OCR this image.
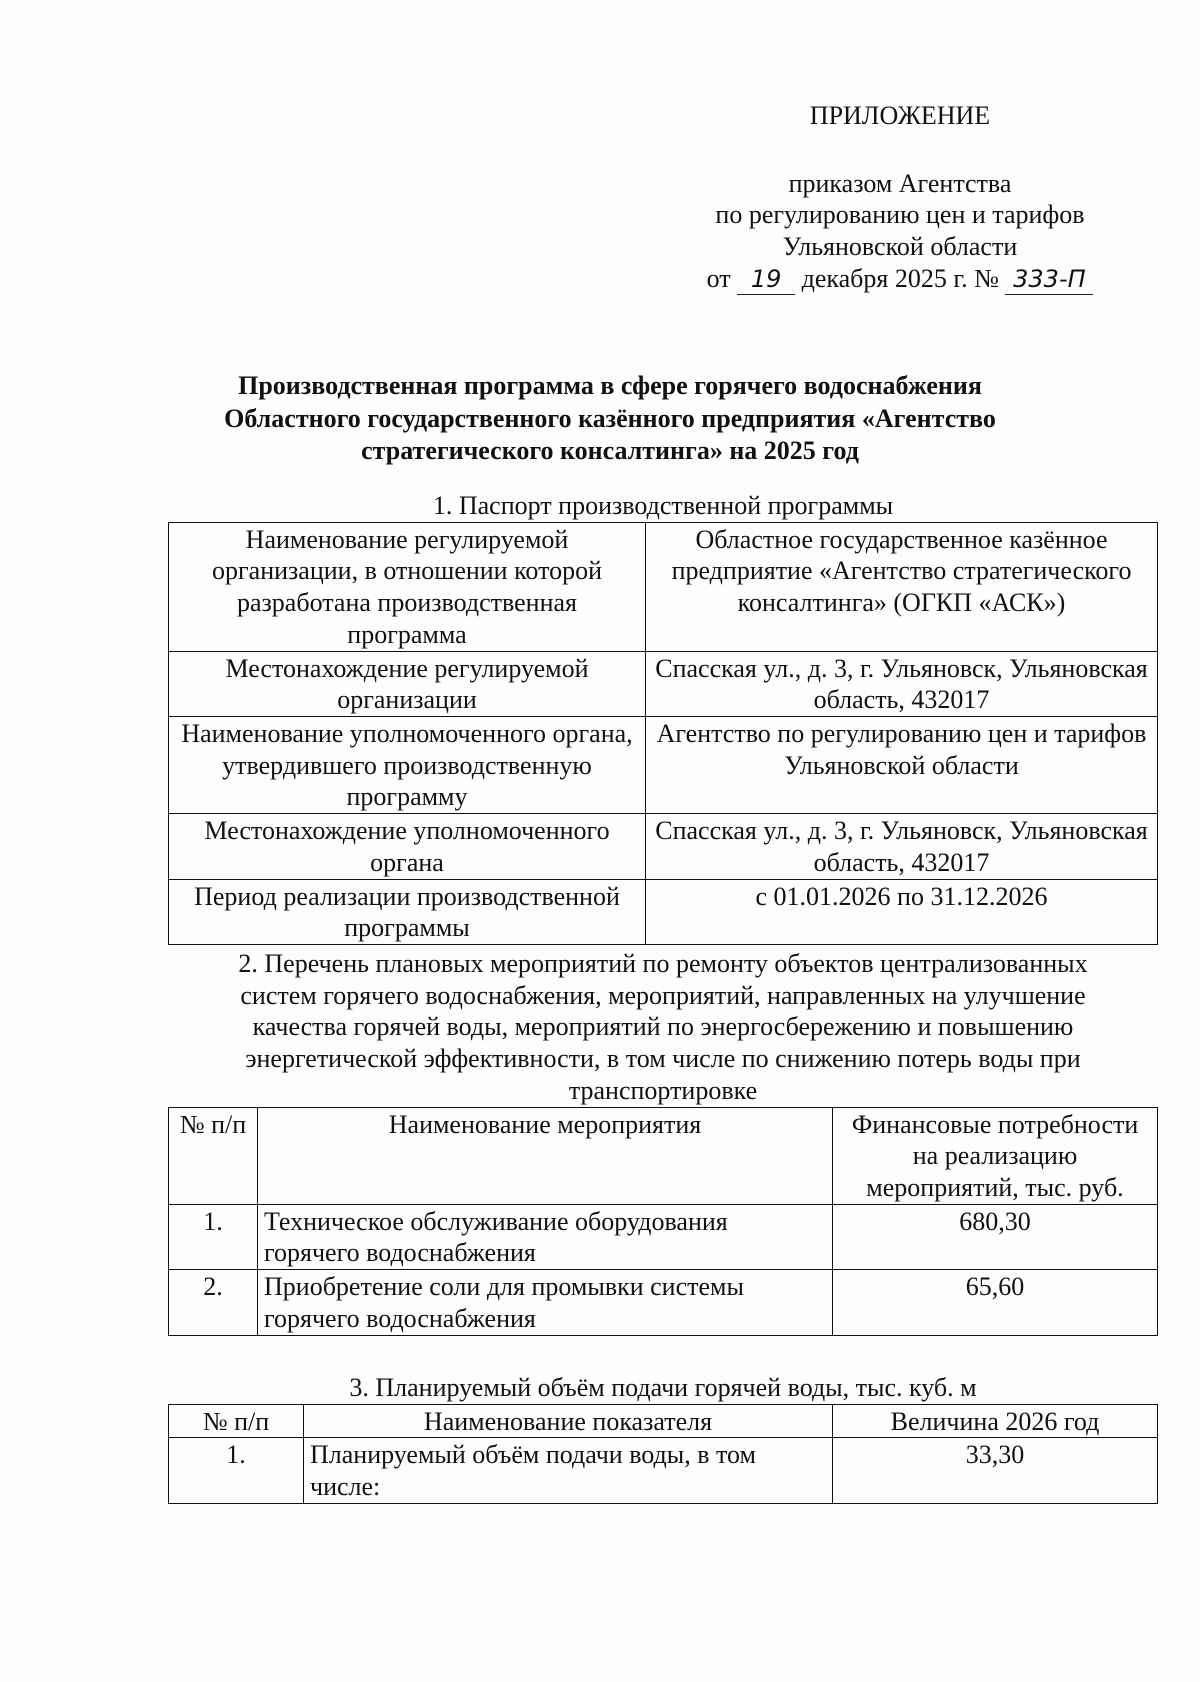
ПРИЛОЖЕНИЕ
приказом Агентства
по регулированию цен и тарифов
Ульяновской области
от 19 декабря 2025 г. № 333-П
Производственная программа в сфере горячего водоснабжения
Областного государственного казённого предприятия «Агентство
стратегического консалтинга» на 2025 год

1. Паспорт производственной программы

Наименование регулируемой организации, в отношении которой разработана производственная программа	Областное государственное казённое предприятие «Агентство стратегического консалтинга» (ОГКП «АСК»)
Местонахождение регулируемой организации	Спасская ул., д. 3, г. Ульяновск, Ульяновская область, 432017
Наименование уполномоченного органа, утвердившего производственную программу	Агентство по регулированию цен и тарифов Ульяновской области
Местонахождение уполномоченного органа	Спасская ул., д. 3, г. Ульяновск, Ульяновская область, 432017
Период реализации производственной программы	с 01.01.2026 по 31.12.2026

2. Перечень плановых мероприятий по ремонту объектов централизованных систем горячего водоснабжения, мероприятий, направленных на улучшение качества горячей воды, мероприятий по энергосбережению и повышению энергетической эффективности, в том числе по снижению потерь воды при транспортировке

№ п/п	Наименование мероприятия	Финансовые потребности на реализацию мероприятий, тыс. руб.
1.	Техническое обслуживание оборудования горячего водоснабжения	680,30
2.	Приобретение соли для промывки системы горячего водоснабжения	65,60

3. Планируемый объём подачи горячей воды, тыс. куб. м

№ п/п	Наименование показателя	Величина 2026 год
1.	Планируемый объём подачи воды, в том числе:	33,30
